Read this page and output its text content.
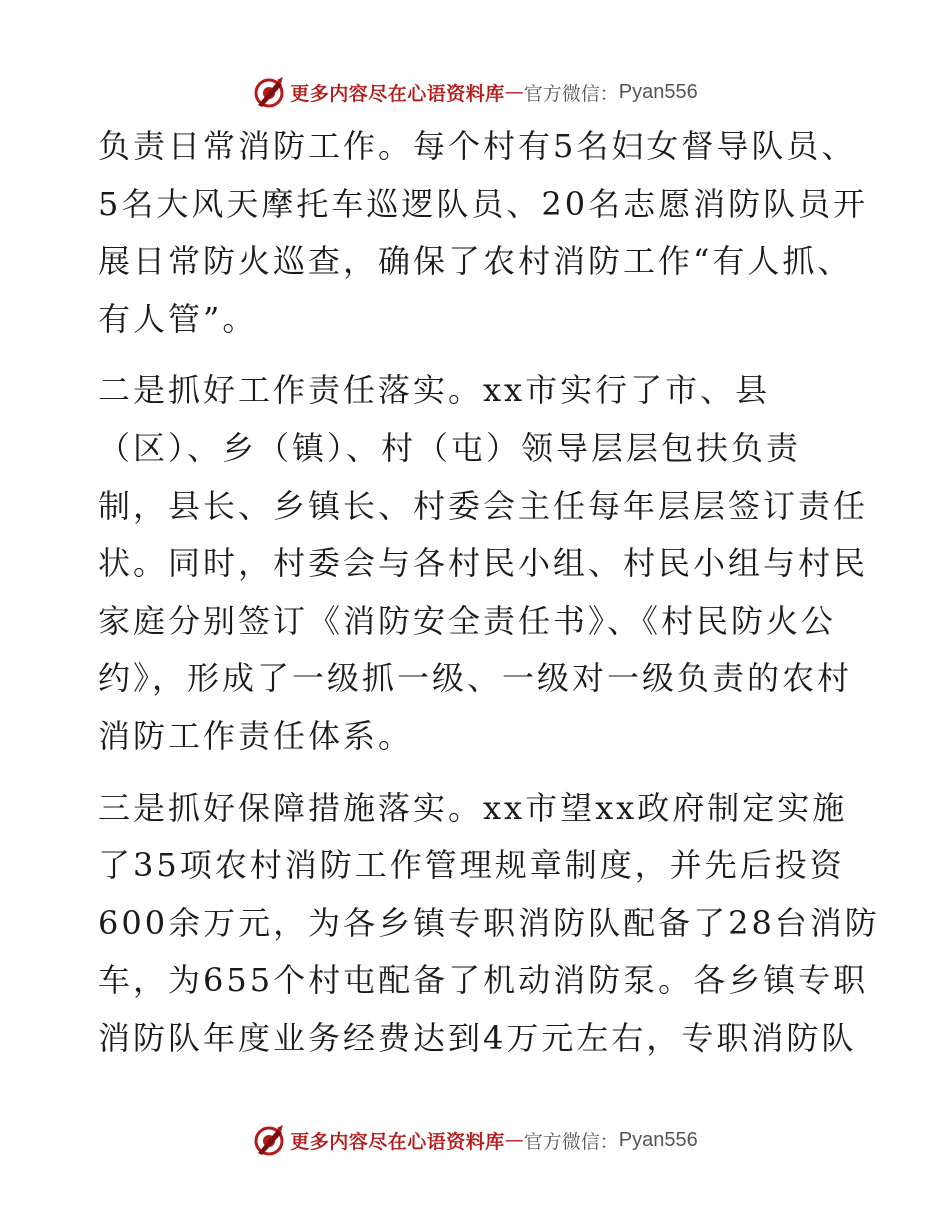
更多内容尽在心语资料库 — 官方微信： Pyan556
负责日常消防工作。每个村有5名妇女督导队员、
5名大风天摩托车巡逻队员、20名志愿消防队员开
展日常防火巡查，确保了农村消防工作“有人抓、
有人管”。
二是抓好工作责任落实。xx市实行了市、县
（区）、乡（镇）、村（屯）领导层层包扶负责
制，县长、乡镇长、村委会主任每年层层签订责任
状。同时，村委会与各村民小组、村民小组与村民
家庭分别签订《消防安全责任书》、《村民防火公
约》，形成了一级抓一级、一级对一级负责的农村
消防工作责任体系。
三是抓好保障措施落实。xx市望xx政府制定实施
了35项农村消防工作管理规章制度，并先后投资
600余万元，为各乡镇专职消防队配备了28台消防
车，为655个村屯配备了机动消防泵。各乡镇专职
消防队年度业务经费达到4万元左右，专职消防队
更多内容尽在心语资料库 — 官方微信： Pyan556
